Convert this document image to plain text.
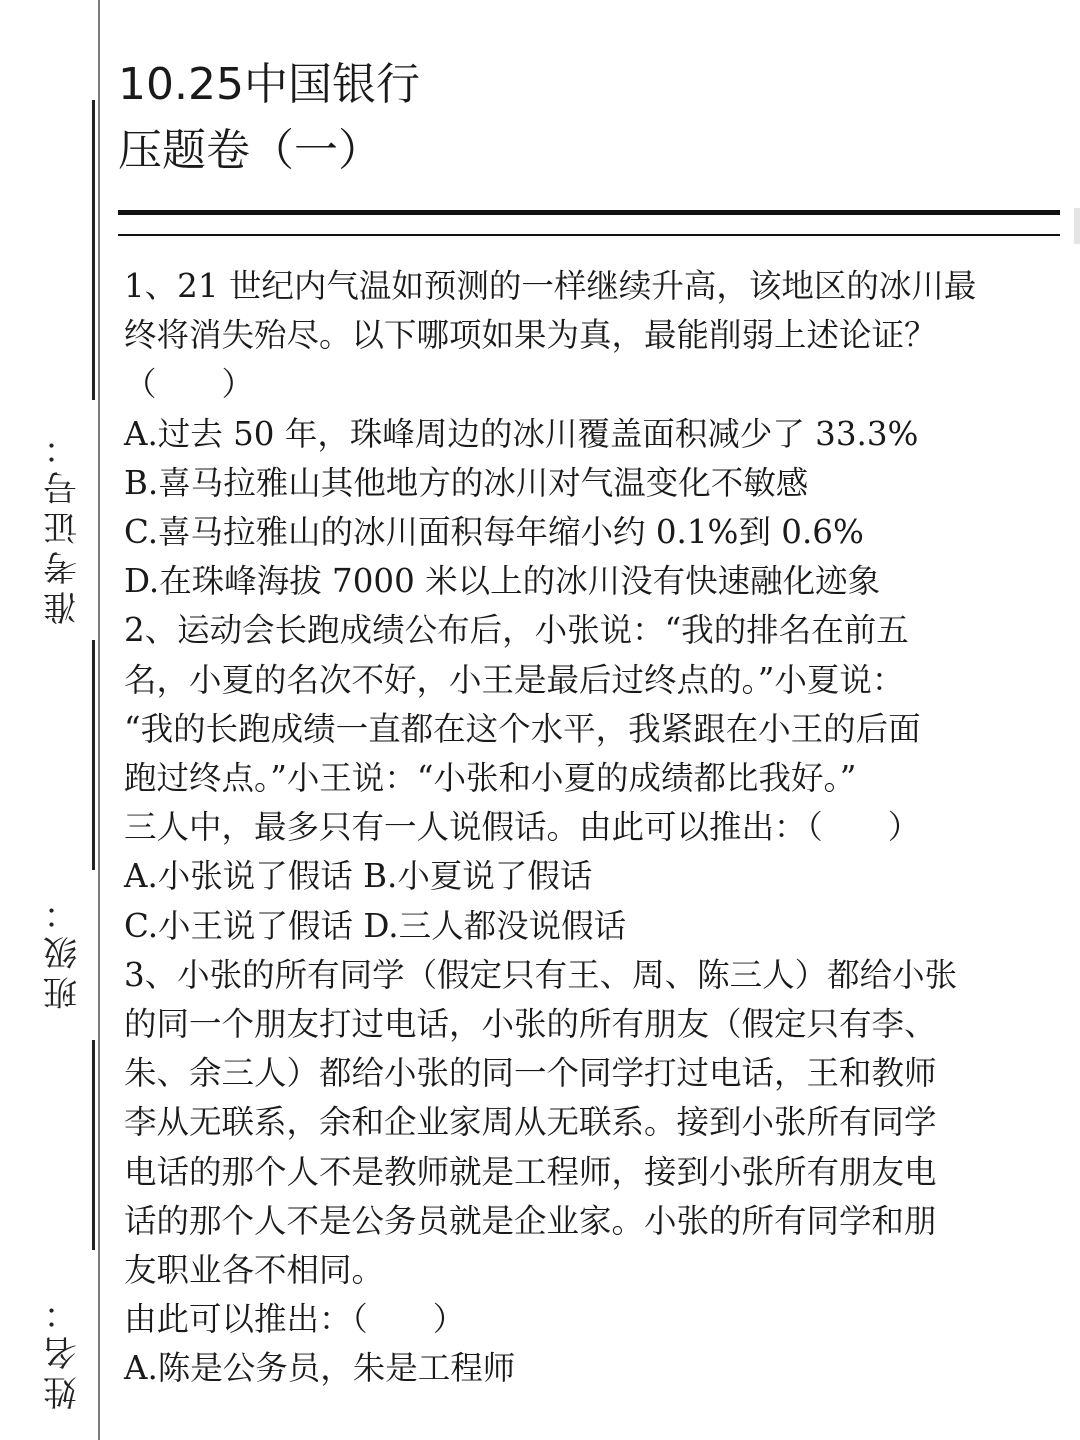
准考证号：
班级：
姓名：
10.25中国银行
压题卷（一）

1、21 世纪内气温如预测的一样继续升高，该地区的冰川最

终将消失殆尽。以下哪项如果为真，最能削弱上述论证？

（　　）

A.过去 50 年，珠峰周边的冰川覆盖面积减少了 33.3%

B.喜马拉雅山其他地方的冰川对气温变化不敏感

C.喜马拉雅山的冰川面积每年缩小约 0.1%到 0.6%

D.在珠峰海拔 7000 米以上的冰川没有快速融化迹象

2、运动会长跑成绩公布后，小张说：“我的排名在前五

名，小夏的名次不好，小王是最后过终点的。”小夏说：

“我的长跑成绩一直都在这个水平，我紧跟在小王的后面

跑过终点。”小王说：“小张和小夏的成绩都比我好。”

三人中，最多只有一人说假话。由此可以推出：（　　）

A.小张说了假话 B.小夏说了假话

C.小王说了假话 D.三人都没说假话

3、小张的所有同学（假定只有王、周、陈三人）都给小张

的同一个朋友打过电话，小张的所有朋友（假定只有李、

朱、余三人）都给小张的同一个同学打过电话，王和教师

李从无联系，余和企业家周从无联系。接到小张所有同学

电话的那个人不是教师就是工程师，接到小张所有朋友电

话的那个人不是公务员就是企业家。小张的所有同学和朋

友职业各不相同。

由此可以推出：（　　）

A.陈是公务员，朱是工程师
